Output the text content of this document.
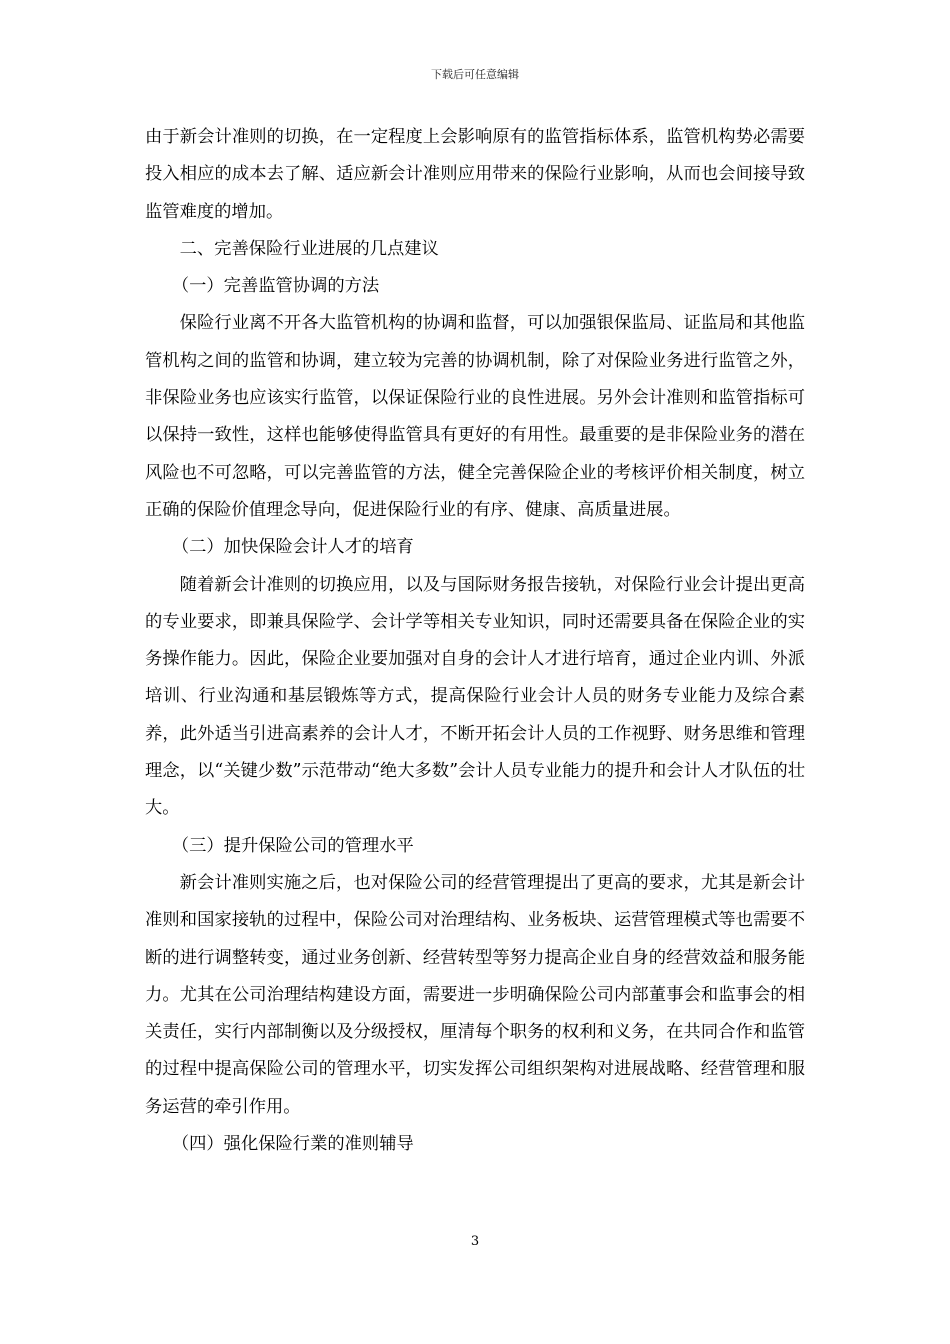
下载后可任意编辑

由于新会计准则的切换，在一定程度上会影响原有的监管指标体系，监管机构势必需要投入相应的成本去了解、适应新会计准则应用带来的保险行业影响，从而也会间接导致监管难度的增加。

二、完善保险行业进展的几点建议

（一）完善监管协调的方法

保险行业离不开各大监管机构的协调和监督，可以加强银保监局、证监局和其他监管机构之间的监管和协调，建立较为完善的协调机制，除了对保险业务进行监管之外，非保险业务也应该实行监管，以保证保险行业的良性进展。另外会计准则和监管指标可以保持一致性，这样也能够使得监管具有更好的有用性。最重要的是非保险业务的潜在风险也不可忽略，可以完善监管的方法，健全完善保险企业的考核评价相关制度，树立正确的保险价值理念导向，促进保险行业的有序、健康、高质量进展。

（二）加快保险会计人才的培育

随着新会计准则的切换应用，以及与国际财务报告接轨，对保险行业会计提出更高的专业要求，即兼具保险学、会计学等相关专业知识，同时还需要具备在保险企业的实务操作能力。因此，保险企业要加强对自身的会计人才进行培育，通过企业内训、外派培训、行业沟通和基层锻炼等方式，提高保险行业会计人员的财务专业能力及综合素养，此外适当引进高素养的会计人才，不断开拓会计人员的工作视野、财务思维和管理理念，以“关键少数”示范带动“绝大多数”会计人员专业能力的提升和会计人才队伍的壮大。

（三）提升保险公司的管理水平

新会计准则实施之后，也对保险公司的经营管理提出了更高的要求，尤其是新会计准则和国家接轨的过程中，保险公司对治理结构、业务板块、运营管理模式等也需要不断的进行调整转变，通过业务创新、经营转型等努力提高企业自身的经营效益和服务能力。尤其在公司治理结构建设方面，需要进一步明确保险公司内部董事会和监事会的相关责任，实行内部制衡以及分级授权，厘清每个职务的权利和义务，在共同合作和监管的过程中提高保险公司的管理水平，切实发挥公司组织架构对进展战略、经营管理和服务运营的牵引作用。

（四）强化保险行業的准则辅导

3
